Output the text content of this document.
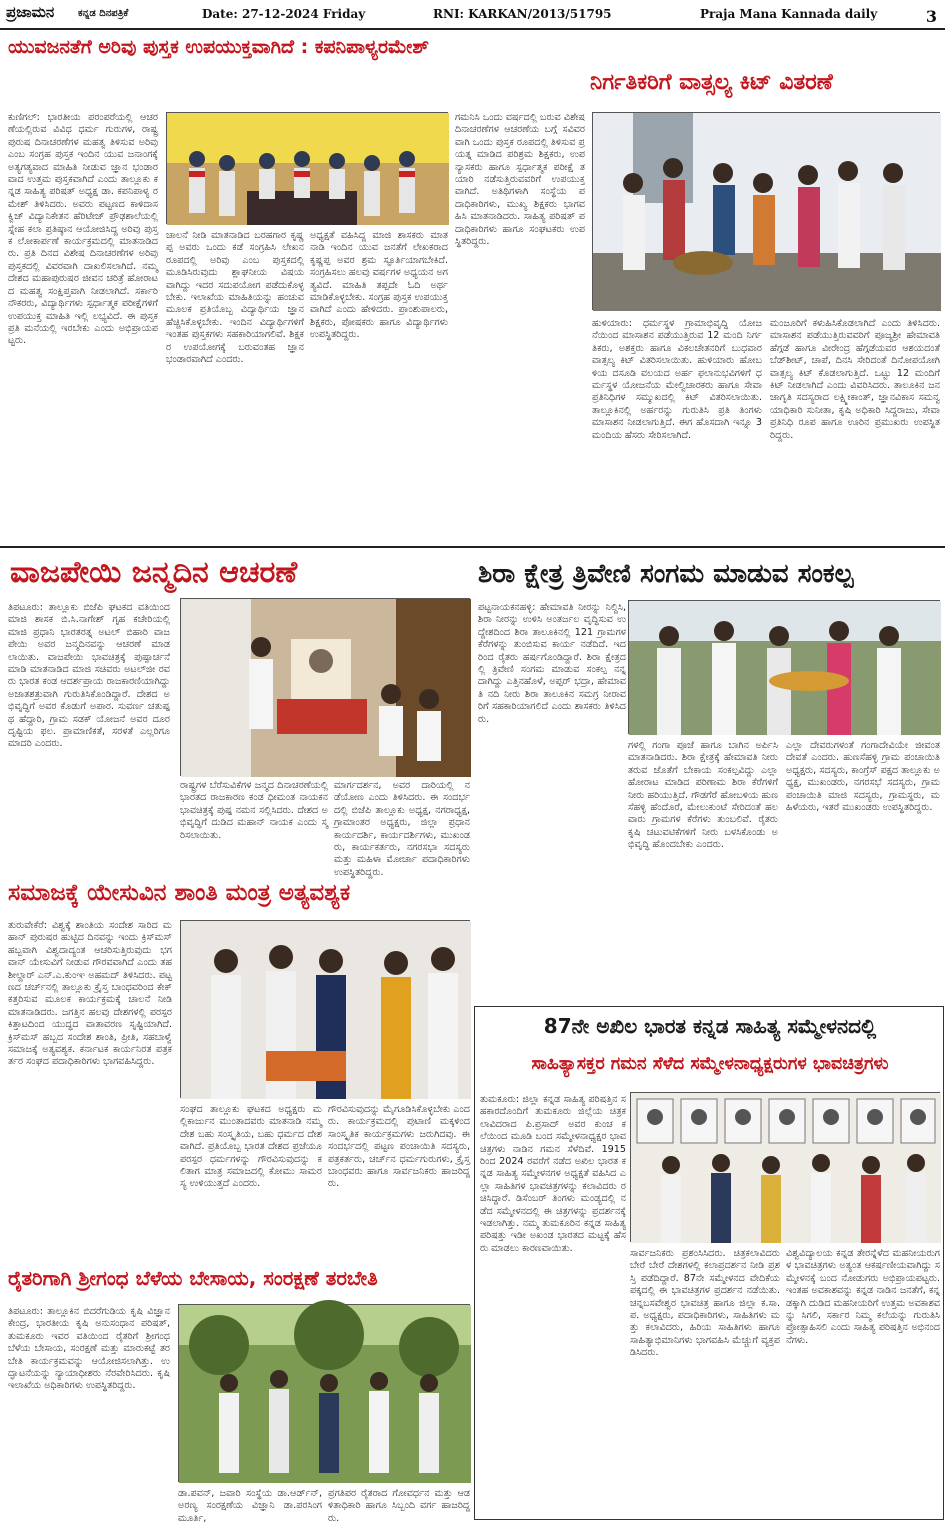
ಪ್ರಜಾಮನ ಕನ್ನಡ ದಿನಪತ್ರಿಕೆ	Date: 27-12-2024 Friday	RNI: KARKAN/2013/51795	Praja Mana Kannada daily	3
ಯುವಜನತೆಗೆ ಅರಿವು ಪುಸ್ತಕ ಉಪಯುಕ್ತವಾಗಿದೆ : ಕಪನಿಪಾಳ್ಯರಮೇಶ್
ಕುಣಿಗಲ್: ಭಾರತೀಯ ಪರಂಪರೆಯಲ್ಲಿ ಆಚರಣೆಯಲ್ಲಿರುವ ವಿವಿಧ ಧರ್ಮ ಗುರುಗಳ, ರಾಷ್ಟ್ರಪುರುಷ ದಿನಾಚರಣೆಗಳ ಮಹತ್ವ ತಿಳಿಸುವ ಅರಿವು ಎಂಬ ಸಂಗ್ರಹ ಪುಸ್ತಕ ಇಂದಿನ ಯುವ ಜನಾಂಗಕ್ಕೆ ಅತ್ಯಗತ್ಯವಾದ ಮಾಹಿತಿ ನೀಡುವ ಜ್ಞಾನ ಭಂಡಾರವಾದ ಉತ್ತಮ ಪುಸ್ತಕವಾಗಿದೆ ಎಂದು ತಾಲ್ಲೂಕು ಕನ್ನಡ ಸಾಹಿತ್ಯ ಪರಿಷತ್ ಅಧ್ಯಕ್ಷ ಡಾ. ಕಪನಿಪಾಳ್ಯ ರಮೇಶ್ ತಿಳಿಸಿದರು. ಅವರು ಪಟ್ಟಣದ ಕಾಳಿದಾಸ ಕ್ವಿಜ್ ವಿದ್ಯಾನಿಕೇತನ ಹೆರಿಟೇಜ್ ಪ್ರೌಢಶಾಲೆಯಲ್ಲಿ ಸ್ನೇಹ ಕಲಾ ಪ್ರತಿಷ್ಠಾನ ಆಯೋಜಿಸಿದ್ದ ಅರಿವು ಪುಸ್ತಕ ಲೋಕಾರ್ಪಣೆ ಕಾರ್ಯಕ್ರಮದಲ್ಲಿ ಮಾತನಾಡಿದರು. ಪ್ರತಿ ದಿನದ ವಿಶೇಷ ದಿನಾಚರಣೆಗಳ ಅರಿವು ಪುಸ್ತಕದಲ್ಲಿ ವಿವರವಾಗಿ ದಾಖಲಿಸಲಾಗಿದೆ. ನಮ್ಮ ದೇಶದ ಮಹಾಪುರುಷರ ಜೀವನ ಚರಿತ್ರೆ ಹೋರಾಟದ ಮಹತ್ವ ಸಂಕ್ಷಿಪ್ತವಾಗಿ ನೀಡಲಾಗಿದೆ. ಸರ್ಕಾರಿ ನೌಕರರು, ವಿದ್ಯಾರ್ಥಿಗಳು ಸ್ಪರ್ಧಾತ್ಮಕ ಪರೀಕ್ಷೆಗಳಿಗೆ ಉಪಯುಕ್ತ ಮಾಹಿತಿ ಇಲ್ಲಿ ಲಭ್ಯವಿದೆ. ಈ ಪುಸ್ತಕ ಪ್ರತಿ ಮನೆಯಲ್ಲಿ ಇರಬೇಕು ಎಂದು ಅಭಿಪ್ರಾಯಪಟ್ಟರು.
ಚಾಲನೆ ನೀಡಿ ಮಾತನಾಡಿದ ಬರಹಗಾರ ಕೃಷ್ಣಪ್ಪ ಅವರು ಒಂದು ಕಡೆ ಸಂಗ್ರಹಿಸಿ ಲೇಖನರೂಪದಲ್ಲಿ ಅರಿವು ಎಂಬ ಪುಸ್ತಕದಲ್ಲಿ ಮೂಡಿಸಿರುವುದು ಶ್ಲಾಘನೀಯ ವಿಷಯವಾಗಿದ್ದು ಇದರ ಸದುಪಯೋಗ ಪಡೆದುಕೊಳ್ಳಬೇಕು. ಇಲಾಖೆಯ ಮಾಹಿತಿಯನ್ನು ಹಂಚುವ ಮೂಲಕ ಪ್ರತಿಯೊಬ್ಬ ವಿದ್ಯಾರ್ಥಿಯ ಜ್ಞಾನ ಹೆಚ್ಚಿಸಿಕೊಳ್ಳಬೇಕು. ಇಂದಿನ ವಿದ್ಯಾರ್ಥಿಗಳಿಗೆ ಇಂತಹ ಪುಸ್ತಕಗಳು ಸಹಕಾರಿಯಾಗಲಿವೆ. ಶಿಕ್ಷಕರ ಉಪಯೋಗಕ್ಕೆ ಬರುವಂತಹ ಜ್ಞಾನ ಭಂಡಾರವಾಗಿದೆ ಎಂದರು.
ಅಧ್ಯಕ್ಷತೆ ವಹಿಸಿದ್ದ ಮಾಜಿ ಶಾಸಕರು ಮಾತನಾಡಿ ಇಂದಿನ ಯುವ ಜನತೆಗೆ ಲೇಖಕರಾದ ಕೃಷ್ಣಪ್ಪ ಅವರ ಶ್ರಮ ಸ್ಫೂರ್ತಿಯಾಗಬೇಕಿದೆ. ಸಂಗ್ರಹಿಸಲು ಹಲವು ವರ್ಷಗಳ ಅಧ್ಯಯನ ಅಗತ್ಯವಿದೆ. ಮಾಹಿತಿ ತಪ್ಪದೇ ಓದಿ ಅರ್ಥಮಾಡಿಕೊಳ್ಳಬೇಕು. ಸಂಗ್ರಹ ಪುಸ್ತಕ ಉಪಯುಕ್ತವಾಗಿದೆ ಎಂದು ಹೇಳಿದರು. ಪ್ರಾಂಶುಪಾಲರು, ಶಿಕ್ಷಕರು, ಪೋಷಕರು ಹಾಗೂ ವಿದ್ಯಾರ್ಥಿಗಳು ಉಪಸ್ಥಿತರಿದ್ದರು.
ಗಮನಿಸಿ ಒಂದು ವರ್ಷದಲ್ಲಿ ಬರುವ ವಿಶೇಷ ದಿನಾಚರಣೆಗಳ ಆಚರಣೆಯ ಬಗ್ಗೆ ಸವಿವರವಾಗಿ ಒಂದು ಪುಸ್ತಕ ರೂಪದಲ್ಲಿ ತಿಳಿಸುವ ಪ್ರಯತ್ನ ಮಾಡಿದ ಪರಿಶ್ರಮ ಶಿಕ್ಷಕರು, ಉಪನ್ಯಾಸಕರು ಹಾಗೂ ಸ್ಪರ್ಧಾತ್ಮಕ ಪರೀಕ್ಷೆ ತಯಾರಿ ನಡೆಸುತ್ತಿರುವವರಿಗೆ ಉಪಯುಕ್ತವಾಗಿದೆ. ಅತಿಥಿಗಳಾಗಿ ಸಂಸ್ಥೆಯ ಪದಾಧಿಕಾರಿಗಳು, ಮುಖ್ಯ ಶಿಕ್ಷಕರು ಭಾಗವಹಿಸಿ ಮಾತನಾಡಿದರು. ಸಾಹಿತ್ಯ ಪರಿಷತ್ ಪದಾಧಿಕಾರಿಗಳು ಹಾಗೂ ಸಂಘಟಕರು ಉಪಸ್ಥಿತರಿದ್ದರು.
ನಿರ್ಗತಿಕರಿಗೆ ವಾತ್ಸಲ್ಯ ಕಿಟ್ ವಿತರಣೆ
ಹುಳಿಯಾರು: ಧರ್ಮಸ್ಥಳ ಗ್ರಾಮಾಭಿವೃದ್ಧಿ ಯೋಜನೆಯಿಂದ ಮಾಸಾಶನ ಪಡೆಯುತ್ತಿರುವ 12 ಮಂದಿ ನಿರ್ಗತಿಕರು, ಅಶಕ್ತರು ಹಾಗೂ ವಿಕಲಚೇತನರಿಗೆ ಬುಧವಾರ ವಾತ್ಸಲ್ಯ ಕಿಟ್ ವಿತರಿಸಲಾಯಿತು. ಹುಳಿಯಾರು ಹೋಬಳಿಯ ದಸೂಡಿ ವಲಯದ ಅರ್ಹ ಫಲಾನುಭವಿಗಳಿಗೆ ಧರ್ಮಸ್ಥಳ ಯೋಜನೆಯ ಮೇಲ್ವಿಚಾರಕರು ಹಾಗೂ ಸೇವಾ ಪ್ರತಿನಿಧಿಗಳ ಸಮ್ಮುಖದಲ್ಲಿ ಕಿಟ್ ವಿತರಿಸಲಾಯಿತು. ತಾಲ್ಲೂಕಿನಲ್ಲಿ ಅರ್ಹರನ್ನು ಗುರುತಿಸಿ ಪ್ರತಿ ತಿಂಗಳು ಮಾಸಾಶನ ನೀಡಲಾಗುತ್ತಿದೆ. ಈಗ ಹೊಸದಾಗಿ ಇನ್ನೂ 3 ಮಂದಿಯ ಹೆಸರು ಸೇರಿಸಲಾಗಿದೆ.
ಮಂಜೂರಿಗೆ ಕಳುಹಿಸಿಕೊಡಲಾಗಿದೆ ಎಂದು ತಿಳಿಸಿದರು. ಮಾಸಾಶನ ಪಡೆಯುತ್ತಿರುವವರಿಗೆ ಪೂಜ್ಯಶ್ರೀ ಹೇಮಾವತಿ ಹೆಗ್ಗಡೆ ಹಾಗೂ ವೀರೇಂದ್ರ ಹೆಗ್ಗಡೆಯವರ ಆಶಯದಂತೆ ಬೆಡ್‌ಶೀಟ್, ಚಾಪೆ, ದಿನಸಿ ಸೇರಿದಂತೆ ದಿನೋಪಯೋಗಿ ವಾತ್ಸಲ್ಯ ಕಿಟ್ ಕೊಡಲಾಗುತ್ತಿದೆ. ಒಟ್ಟು 12 ಮಂದಿಗೆ ಕಿಟ್ ನೀಡಲಾಗಿದೆ ಎಂದು ವಿವರಿಸಿದರು. ತಾಲೂಕಿನ ಜನಜಾಗೃತಿ ಸದಸ್ಯರಾದ ಲಕ್ಷ್ಮೀಕಾಂತ್, ಜ್ಞಾನವಿಕಾಸ ಸಮನ್ವಯಾಧಿಕಾರಿ ಸುನೀತಾ, ಕೃಷಿ ಅಧಿಕಾರಿ ಸಿದ್ದರಾಜು, ಸೇವಾ ಪ್ರತಿನಿಧಿ ರೂಪ ಹಾಗೂ ಊರಿನ ಪ್ರಮುಖರು ಉಪಸ್ಥಿತರಿದ್ದರು.
ವಾಜಪೇಯಿ ಜನ್ಮದಿನ ಆಚರಣೆ
ತಿಪಟೂರು: ತಾಲ್ಲೂಕು ಬಿಜೆಪಿ ಘಟಕದ ವತಿಯಿಂದ ಮಾಜಿ ಶಾಸಕ ಬಿ.ಸಿ.ನಾಗೇಶ್ ಗೃಹ ಕಚೇರಿಯಲ್ಲಿ ಮಾಜಿ ಪ್ರಧಾನಿ ಭಾರತರತ್ನ ಅಟಲ್ ಬಿಹಾರಿ ವಾಜಪೇಯಿ ಅವರ ಜನ್ಮದಿನವನ್ನು ಆಚರಣೆ ಮಾಡಲಾಯಿತು. ವಾಜಪೇಯಿ ಭಾವಚಿತ್ರಕ್ಕೆ ಪುಷ್ಪಾರ್ಚನೆ ಮಾಡಿ ಮಾತನಾಡಿದ ಮಾಜಿ ಸಚಿವರು ಅಟಲ್‌ಜೀ ರವರು ಭಾರತ ಕಂಡ ಆದರ್ಶಪ್ರಾಯ ರಾಜಕಾರಣಿಯಾಗಿದ್ದು ಅಜಾತಶತ್ರುವಾಗಿ ಗುರುತಿಸಿಕೊಂಡಿದ್ದಾರೆ. ದೇಶದ ಅಭಿವೃದ್ಧಿಗೆ ಅವರ ಕೊಡುಗೆ ಅಪಾರ. ಸುವರ್ಣ ಚತುಷ್ಪಥ ಹೆದ್ದಾರಿ, ಗ್ರಾಮ ಸಡಕ್ ಯೋಜನೆ ಅವರ ದೂರದೃಷ್ಟಿಯ ಫಲ. ಪ್ರಾಮಾಣಿಕತೆ, ಸರಳತೆ ಎಲ್ಲರಿಗೂ ಮಾದರಿ ಎಂದರು.
ರಾಷ್ಟ್ರಗಳ ಬೆರೆಸುವಿಕೆಗಳ ಜನ್ಮದ ದಿನಾಚರಣೆಯಲ್ಲಿ ಭಾರತದ ರಾಜಕಾರಣ ಕಂಡ ಧೀಮಂತ ನಾಯಕನ ಭಾವಚಿತ್ರಕ್ಕೆ ಪುಷ್ಪ ನಮನ ಸಲ್ಲಿಸಿದರು. ದೇಶದ ಅಭಿವೃದ್ಧಿಗೆ ದುಡಿದ ಮಹಾನ್ ನಾಯಕ ಎಂದು ಸ್ಮರಿಸಲಾಯಿತು.
ಮಾರ್ಗದರ್ಶನ, ಅವರ ದಾರಿಯಲ್ಲಿ ನಡೆಯೋಣ ಎಂದು ತಿಳಿಸಿದರು. ಈ ಸಂದರ್ಭದಲ್ಲಿ ಬಿಜೆಪಿ ತಾಲ್ಲೂಕು ಅಧ್ಯಕ್ಷ, ನಗರಾಧ್ಯಕ್ಷ, ಗ್ರಾಮಾಂತರ ಅಧ್ಯಕ್ಷರು, ಜಿಲ್ಲಾ ಪ್ರಧಾನ ಕಾರ್ಯದರ್ಶಿ, ಕಾರ್ಯದರ್ಶಿಗಳು, ಮುಖಂಡರು, ಕಾರ್ಯಕರ್ತರು, ನಗರಸಭಾ ಸದಸ್ಯರು ಮತ್ತು ಮಹಿಳಾ ಮೋರ್ಚಾ ಪದಾಧಿಕಾರಿಗಳು ಉಪಸ್ಥಿತರಿದ್ದರು.
ಶಿರಾ ಕ್ಷೇತ್ರ ತ್ರಿವೇಣಿ ಸಂಗಮ ಮಾಡುವ ಸಂಕಲ್ಪ
ಪಟ್ಟನಾಯಕನಹಳ್ಳಿ: ಹೇಮಾವತಿ ನೀರನ್ನು ನಿಲ್ದಿಸಿ, ಶಿರಾ ನೀರನ್ನು ಉಳಿಸಿ ಅಂತರ್ಜಲ ವೃದ್ಧಿಸುವ ಉದ್ದೇಶದಿಂದ ಶಿರಾ ತಾಲೂಕಿನಲ್ಲಿ 121 ಗ್ರಾಮಗಳ ಕೆರೆಗಳನ್ನು ತುಂಬಿಸುವ ಕಾರ್ಯ ನಡೆದಿದೆ. ಇದರಿಂದ ರೈತರು ಹರ್ಷಗೊಂಡಿದ್ದಾರೆ. ಶಿರಾ ಕ್ಷೇತ್ರದಲ್ಲಿ ತ್ರಿವೇಣಿ ಸಂಗಮ ಮಾಡುವ ಸಂಕಲ್ಪ ನನ್ನದಾಗಿದ್ದು ಎತ್ತಿನಹೊಳೆ, ಅಪ್ಪರ್ ಭದ್ರಾ, ಹೇಮಾವತಿ ನದಿ ನೀರು ಶಿರಾ ತಾಲೂಕಿನ ಸಮಗ್ರ ನೀರಾವರಿಗೆ ಸಹಕಾರಿಯಾಗಲಿದೆ ಎಂದು ಶಾಸಕರು ತಿಳಿಸಿದರು.
ಗಳಲ್ಲಿ ಗಂಗಾ ಪೂಜೆ ಹಾಗೂ ಬಾಗಿನ ಅರ್ಪಿಸಿ ಮಾತನಾಡಿದರು. ಶಿರಾ ಕ್ಷೇತ್ರಕ್ಕೆ ಹೇಮಾವತಿ ನೀರು ತರುವ ಜೊತೆಗೆ ಬೇಕಾಯ ಸಂಕಲ್ಪವಿದ್ದು ಎಲ್ಲಾ ಹೋರಾಟ ಮಾಡಿದ ಪರಿಣಾಮ ಶಿರಾ ಕೆರೆಗಳಿಗೆ ನೀರು ಹರಿಯುತ್ತಿದೆ. ಗೌಡಗೆರೆ ಹೋಬಳಿಯ ಹುಣಸೆಹಳ್ಳಿ ಹೆಂದೊರೆ, ಮೇಲುಕುಂಟೆ ಸೇರಿದಂತೆ ಹಲವಾರು ಗ್ರಾಮಗಳ ಕೆರೆಗಳು ತುಂಬಲಿವೆ. ರೈತರು ಕೃಷಿ ಚಟುವಟಿಕೆಗಳಿಗೆ ನೀರು ಬಳಸಿಕೊಂಡು ಅಭಿವೃದ್ಧಿ ಹೊಂದಬೇಕು ಎಂದರು.
ಎಲ್ಲಾ ದೇವರುಗಳಂತೆ ಗಂಗಾದೇವಿಯೇ ಜೀವಂತ ದೇವತೆ ಎಂದರು. ಹುಣಸೆಹಳ್ಳಿ ಗ್ರಾಮ ಪಂಚಾಯಿತಿ ಅಧ್ಯಕ್ಷರು, ಸದಸ್ಯರು, ಕಾಂಗ್ರೆಸ್ ಪಕ್ಷದ ತಾಲ್ಲೂಕು ಅಧ್ಯಕ್ಷ, ಮುಖಂಡರು, ನಗರಸಭೆ ಸದಸ್ಯರು, ಗ್ರಾಮ ಪಂಚಾಯಿತಿ ಮಾಜಿ ಸದಸ್ಯರು, ಗ್ರಾಮಸ್ಥರು, ಮಹಿಳೆಯರು, ಇತರೆ ಮುಖಂಡರು ಉಪಸ್ಥಿತರಿದ್ದರು.
ಸಮಾಜಕ್ಕೆ ಯೇಸುವಿನ ಶಾಂತಿ ಮಂತ್ರ ಅತ್ಯವಶ್ಯಕ
ತುರುವೇಕೆರೆ: ವಿಶ್ವಕ್ಕೆ ಶಾಂತಿಯ ಸಂದೇಶ ಸಾರಿದ ಮಹಾನ್ ಪುರುಷರ ಹುಟ್ಟಿದ ದಿನವನ್ನು ಇಂದು ಕ್ರಿಸ್‌ಮಸ್ ಹಬ್ಬವಾಗಿ ವಿಶ್ವದಾದ್ಯಂತ ಆಚರಿಸುತ್ತಿರುವುದು ಭಗವಾನ್ ಯೇಸುವಿಗೆ ನೀಡುವ ಗೌರವವಾಗಿದೆ ಎಂದು ತಹಶೀಲ್ದಾರ್ ಎನ್.ಎ.ಕುಂಞ ಅಹಮದ್ ತಿಳಿಸಿದರು. ಪಟ್ಟಣದ ಚರ್ಚ್‌ನಲ್ಲಿ ತಾಲ್ಲೂಕು ಕ್ರೈಸ್ತ ಬಾಂಧವರಿಂದ ಕೇಕ್ ಕತ್ತರಿಸುವ ಮೂಲಕ ಕಾರ್ಯಕ್ರಮಕ್ಕೆ ಚಾಲನೆ ನೀಡಿ ಮಾತನಾಡಿದರು. ಜಗತ್ತಿನ ಹಲವು ದೇಶಗಳಲ್ಲಿ ಪರಸ್ಪರ ಕಿತ್ತಾಟದಿಂದ ಯುದ್ಧದ ವಾತಾವರಣ ಸೃಷ್ಟಿಯಾಗಿದೆ. ಕ್ರಿಸ್‌ಮಸ್ ಹಬ್ಬದ ಸಂದೇಶ ಶಾಂತಿ, ಪ್ರೀತಿ, ಸಹಬಾಳ್ವೆ ಸಮಾಜಕ್ಕೆ ಅತ್ಯವಶ್ಯಕ. ಕರ್ನಾಟಕ ಕಾರ್ಯನಿರತ ಪತ್ರಕರ್ತರ ಸಂಘದ ಪದಾಧಿಕಾರಿಗಳು ಭಾಗವಹಿಸಿದ್ದರು.
ಸಂಘದ ತಾಲ್ಲೂಕು ಘಟಕದ ಅಧ್ಯಕ್ಷರು ಮಲ್ಲಿಕಾರ್ಜುನ ಮುಂತಾದವರು ಮಾತನಾಡಿ ನಮ್ಮ ದೇಶ ಬಹು ಸಂಸ್ಕೃತಿಯ, ಬಹು ಧರ್ಮದ ದೇಶವಾಗಿದೆ. ಪ್ರತಿಯೊಬ್ಬ ಭಾರತ ದೇಶದ ಪ್ರಜೆಯೂ ಪರಸ್ಪರ ಧರ್ಮಗಳನ್ನು ಗೌರವಿಸುವುದನ್ನು ಕಲಿತಾಗ ಮಾತ್ರ ಸಮಾಜದಲ್ಲಿ ಕೋಮು ಸಾಮರಸ್ಯ ಉಳಿಯುತ್ತದೆ ಎಂದರು.
ಗೌರವಿಸುವುದನ್ನು ಮೈಗೂಡಿಸಿಕೊಳ್ಳಬೇಕು ಎಂದರು. ಕಾರ್ಯಕ್ರಮದಲ್ಲಿ ಪುಟಾಣಿ ಮಕ್ಕಳಿಂದ ಸಾಂಸ್ಕೃತಿಕ ಕಾರ್ಯಕ್ರಮಗಳು ಜರುಗಿದವು. ಈ ಸಂದರ್ಭದಲ್ಲಿ ಪಟ್ಟಣ ಪಂಚಾಯಿತಿ ಸದಸ್ಯರು, ಪತ್ರಕರ್ತರು, ಚರ್ಚ್‌ನ ಧರ್ಮಗುರುಗಳು, ಕ್ರೈಸ್ತ ಬಾಂಧವರು ಹಾಗೂ ಸಾರ್ವಜನಿಕರು ಹಾಜರಿದ್ದರು.
ರೈತರಿಗಾಗಿ ಶ್ರೀಗಂಧ ಬೆಳೆಯ ಬೇಸಾಯ, ಸಂರಕ್ಷಣೆ ತರಬೇತಿ
ತಿಪಟೂರು: ತಾಲ್ಲೂಕಿನ ಬಿದರೆಗುಡಿಯ ಕೃಷಿ ವಿಜ್ಞಾನ ಕೇಂದ್ರ, ಭಾರತೀಯ ಕೃಷಿ ಅನುಸಂಧಾನ ಪರಿಷತ್, ತುಮಕೂರು ಇವರ ವತಿಯಿಂದ ರೈತರಿಗೆ ಶ್ರೀಗಂಧ ಬೆಳೆಯ ಬೇಸಾಯ, ಸಂರಕ್ಷಣೆ ಮತ್ತು ಮಾರುಕಟ್ಟೆ ತರಬೇತಿ ಕಾರ್ಯಕ್ರಮವನ್ನು ಆಯೋಜಿಸಲಾಗಿತ್ತು. ಉದ್ಘಾಟನೆಯನ್ನು ನ್ಯಾಯಾಧೀಶರು ನೆರವೇರಿಸಿದರು. ಕೃಷಿ ಇಲಾಖೆಯ ಅಧಿಕಾರಿಗಳು ಉಪಸ್ಥಿತರಿದ್ದರು.
ಡಾ.ಪವನ್, ಜವಾರಿ ಸಂಸ್ಥೆಯ ಡಾ.ಆರ್ಡ್‌ನ್, ಅರಣ್ಯ ಸಂರಕ್ಷಣೆಯ ವಿಜ್ಞಾನಿ ಡಾ.ಪರಸಿಂಗಮೂರ್ತಿ,
ಪ್ರಗತಿಪರ ರೈತರಾದ ಗೋವರ್ಧನ ಮತ್ತು ಆಡಳಿತಾಧಿಕಾರಿ ಹಾಗೂ ಸಿಬ್ಬಂದಿ ವರ್ಗ ಹಾಜರಿದ್ದರು.
87ನೇ ಅಖಿಲ ಭಾರತ ಕನ್ನಡ ಸಾಹಿತ್ಯ ಸಮ್ಮೇಳನದಲ್ಲಿ
ಸಾಹಿತ್ಯಾಸಕ್ತರ ಗಮನ ಸೆಳೆದ ಸಮ್ಮೇಳನಾಧ್ಯಕ್ಷರುಗಳ ಭಾವಚಿತ್ರಗಳು
ತುಮಕೂರು: ಜಿಲ್ಲಾ ಕನ್ನಡ ಸಾಹಿತ್ಯ ಪರಿಷತ್ತಿನ ಸಹಕಾರದೊಂದಿಗೆ ತುಮಕೂರು ಜಿಲ್ಲೆಯ ಚಿತ್ರಕಲಾವಿದರಾದ ಪಿ.ಪ್ರಸಾದ್ ಅವರ ಕುಂಚ ಕಲೆಯಿಂದ ಮೂಡಿ ಬಂದ ಸಮ್ಮೇಳನಾಧ್ಯಕ್ಷರ ಭಾವಚಿತ್ರಗಳು ನಾಡಿನ ಗಮನ ಸೆಳೆದಿವೆ. 1915 ರಿಂದ 2024 ರವರೆಗೆ ನಡೆದ ಅಖಿಲ ಭಾರತ ಕನ್ನಡ ಸಾಹಿತ್ಯ ಸಮ್ಮೇಳನಗಳ ಅಧ್ಯಕ್ಷತೆ ವಹಿಸಿದ ಎಲ್ಲಾ ಸಾಹಿತಿಗಳ ಭಾವಚಿತ್ರಗಳನ್ನು ಕಲಾವಿದರು ರಚಿಸಿದ್ದಾರೆ. ಡಿಸೆಂಬರ್ ತಿಂಗಳು ಮಂಡ್ಯದಲ್ಲಿ ನಡೆದ ಸಮ್ಮೇಳನದಲ್ಲಿ ಈ ಚಿತ್ರಗಳನ್ನು ಪ್ರದರ್ಶನಕ್ಕೆ ಇಡಲಾಗಿತ್ತು. ನಮ್ಮ ತುಮಕೂರಿನ ಕನ್ನಡ ಸಾಹಿತ್ಯ ಪರಿಷತ್ತು ಇಡೀ ಅಖಂಡ ಭಾರತದ ಮಟ್ಟಕ್ಕೆ ಹೆಸರು ಮಾಡಲು ಕಾರಣವಾಯಿತು.	ಸಾರ್ವಜನಿಕರು ಪ್ರಶಂಸಿಸಿದರು. ಚಿತ್ರಕಲಾವಿದರು ಬೇರೆ ಬೇರೆ ದೇಶಗಳಲ್ಲಿ ಕಲಾಪ್ರದರ್ಶನ ನೀಡಿ ಪ್ರಶಸ್ತಿ ಪಡೆದಿದ್ದಾರೆ. 87ನೇ ಸಮ್ಮೇಳನದ ವೇದಿಕೆಯ ಪಕ್ಕದಲ್ಲಿ ಈ ಭಾವಚಿತ್ರಗಳ ಪ್ರದರ್ಶನ ನಡೆಯಿತು. ಚನ್ನಬಸವೇಶ್ವರ ಭಾವಚಿತ್ರ ಹಾಗೂ ಜಿಲ್ಲಾ ಕ.ಸಾ.ಪ. ಅಧ್ಯಕ್ಷರು, ಪದಾಧಿಕಾರಿಗಳು, ಸಾಹಿತಿಗಳು ಮತ್ತು ಕಲಾವಿದರು, ಹಿರಿಯ ಸಾಹಿತಿಗಳು ಹಾಗೂ ಸಾಹಿತ್ಯಾಭಿಮಾನಿಗಳು ಭಾಗವಹಿಸಿ ಮೆಚ್ಚುಗೆ ವ್ಯಕ್ತಪಡಿಸಿದರು.
ವಿಶ್ವವಿದ್ಯಾಲಯ ಕನ್ನಡ ತೇರನ್ನೆಳೆದ ಮಹನೀಯರುಗಳ ಭಾವಚಿತ್ರಗಳು ಅತ್ಯಂತ ಆಕರ್ಷಣೀಯವಾಗಿದ್ದು ಸಮ್ಮೇಳನಕ್ಕೆ ಬಂದ ನೋಡುಗರು ಅಭಿಪ್ರಾಯಪಟ್ಟರು. ಇಂತಹ ಅವಕಾಶವನ್ನು ಕನ್ನಡ ನಾಡಿನ ಜನತೆಗೆ, ಕನ್ನಡಕ್ಕಾಗಿ ದುಡಿದ ಮಹನೀಯರಿಗೆ ಉತ್ತಮ ಅವಕಾಶವನ್ನು ಸಿಗಲಿ, ಸರ್ಕಾರ ನಿಮ್ಮ ಕಲೆಯನ್ನು ಗುರುತಿಸಿ ಪ್ರೋತ್ಸಾಹಿಸಲಿ ಎಂದು ಸಾಹಿತ್ಯ ಪರಿಷತ್ತಿನ ಅಭಿನಂದನೆಗಳು.
